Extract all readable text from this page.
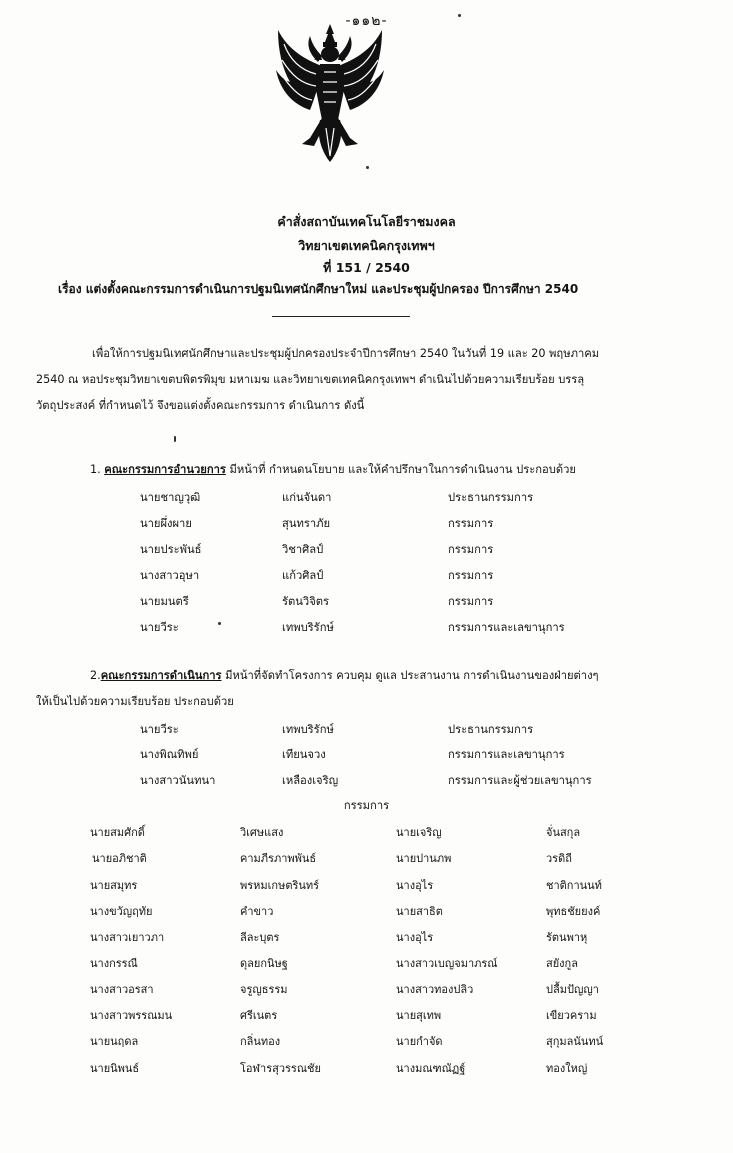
-๑๑๒-
คำสั่งสถาบันเทคโนโลยีราชมงคล
วิทยาเขตเทคนิคกรุงเทพฯ
ที่ 151 / 2540
เรื่อง แต่งตั้งคณะกรรมการดำเนินการปฐมนิเทศนักศึกษาใหม่ และประชุมผู้ปกครอง ปีการศึกษา 2540
เพื่อให้การปฐมนิเทศนักศึกษาและประชุมผู้ปกครองประจำปีการศึกษา 2540 ในวันที่ 19 และ 20 พฤษภาคม
2540 ณ หอประชุมวิทยาเขตบพิตรพิมุข มหาเมฆ และวิทยาเขตเทคนิคกรุงเทพฯ ดำเนินไปด้วยความเรียบร้อย บรรลุ
วัตถุประสงค์ ที่กำหนดไว้ จึงขอแต่งตั้งคณะกรรมการ ดำเนินการ ดังนี้
1. คณะกรรมการอำนวยการ มีหน้าที่ กำหนดนโยบาย และให้คำปรึกษาในการดำเนินงาน ประกอบด้วย
นายชาญวุฒิ	แก่นจันดา	ประธานกรรมการ
นายผึ่งผาย	สุนทราภัย	กรรมการ
นายประพันธ์	วิชาศิลป์	กรรมการ
นางสาวอุษา	แก้วศิลป์	กรรมการ
นายมนตรี	รัตนวิจิตร	กรรมการ
นายวีระ	เทพบริรักษ์	กรรมการและเลขานุการ
2.คณะกรรมการดำเนินการ มีหน้าที่จัดทำโครงการ ควบคุม ดูแล ประสานงาน การดำเนินงานของฝ่ายต่างๆ
ให้เป็นไปด้วยความเรียบร้อย ประกอบด้วย
นายวีระ	เทพบริรักษ์	ประธานกรรมการ
นางพิณทิพย์	เทียนจวง	กรรมการและเลขานุการ
นางสาวนันทนา	เหลืองเจริญ	กรรมการและผู้ช่วยเลขานุการ
กรรมการ
นายสมศักดิ์	วิเศษแสง	นายเจริญ	จั่นสกุล
นายอภิชาติ	คามภีรภาพพันธ์	นายปานภพ	วรดิถี
นายสมุทร	พรหมเกษตรินทร์	นางอุไร	ชาติกานนท์
นางขวัญฤทัย	คำขาว	นายสาธิต	พุทธชัยยงค์
นางสาวเยาวภา	ลีละบุตร	นางอุไร	รัตนพาหุ
นางกรรณี	ดุลยกนิษฐ	นางสาวเบญจมาภรณ์	สยังกูล
นางสาวอรสา	จรูญธรรม	นางสาวทองปลิว	ปลื้มปัญญา
นางสาวพรรณมน	ศรีเนตร	นายสุเทพ	เขียวคราม
นายนฤดล	กลิ่นทอง	นายกำจัด	สุกุมลนันทน์
นายนิพนธ์	โอฬารสุวรรณชัย	นางมณฑณัฏฐ์	ทองใหญ่
